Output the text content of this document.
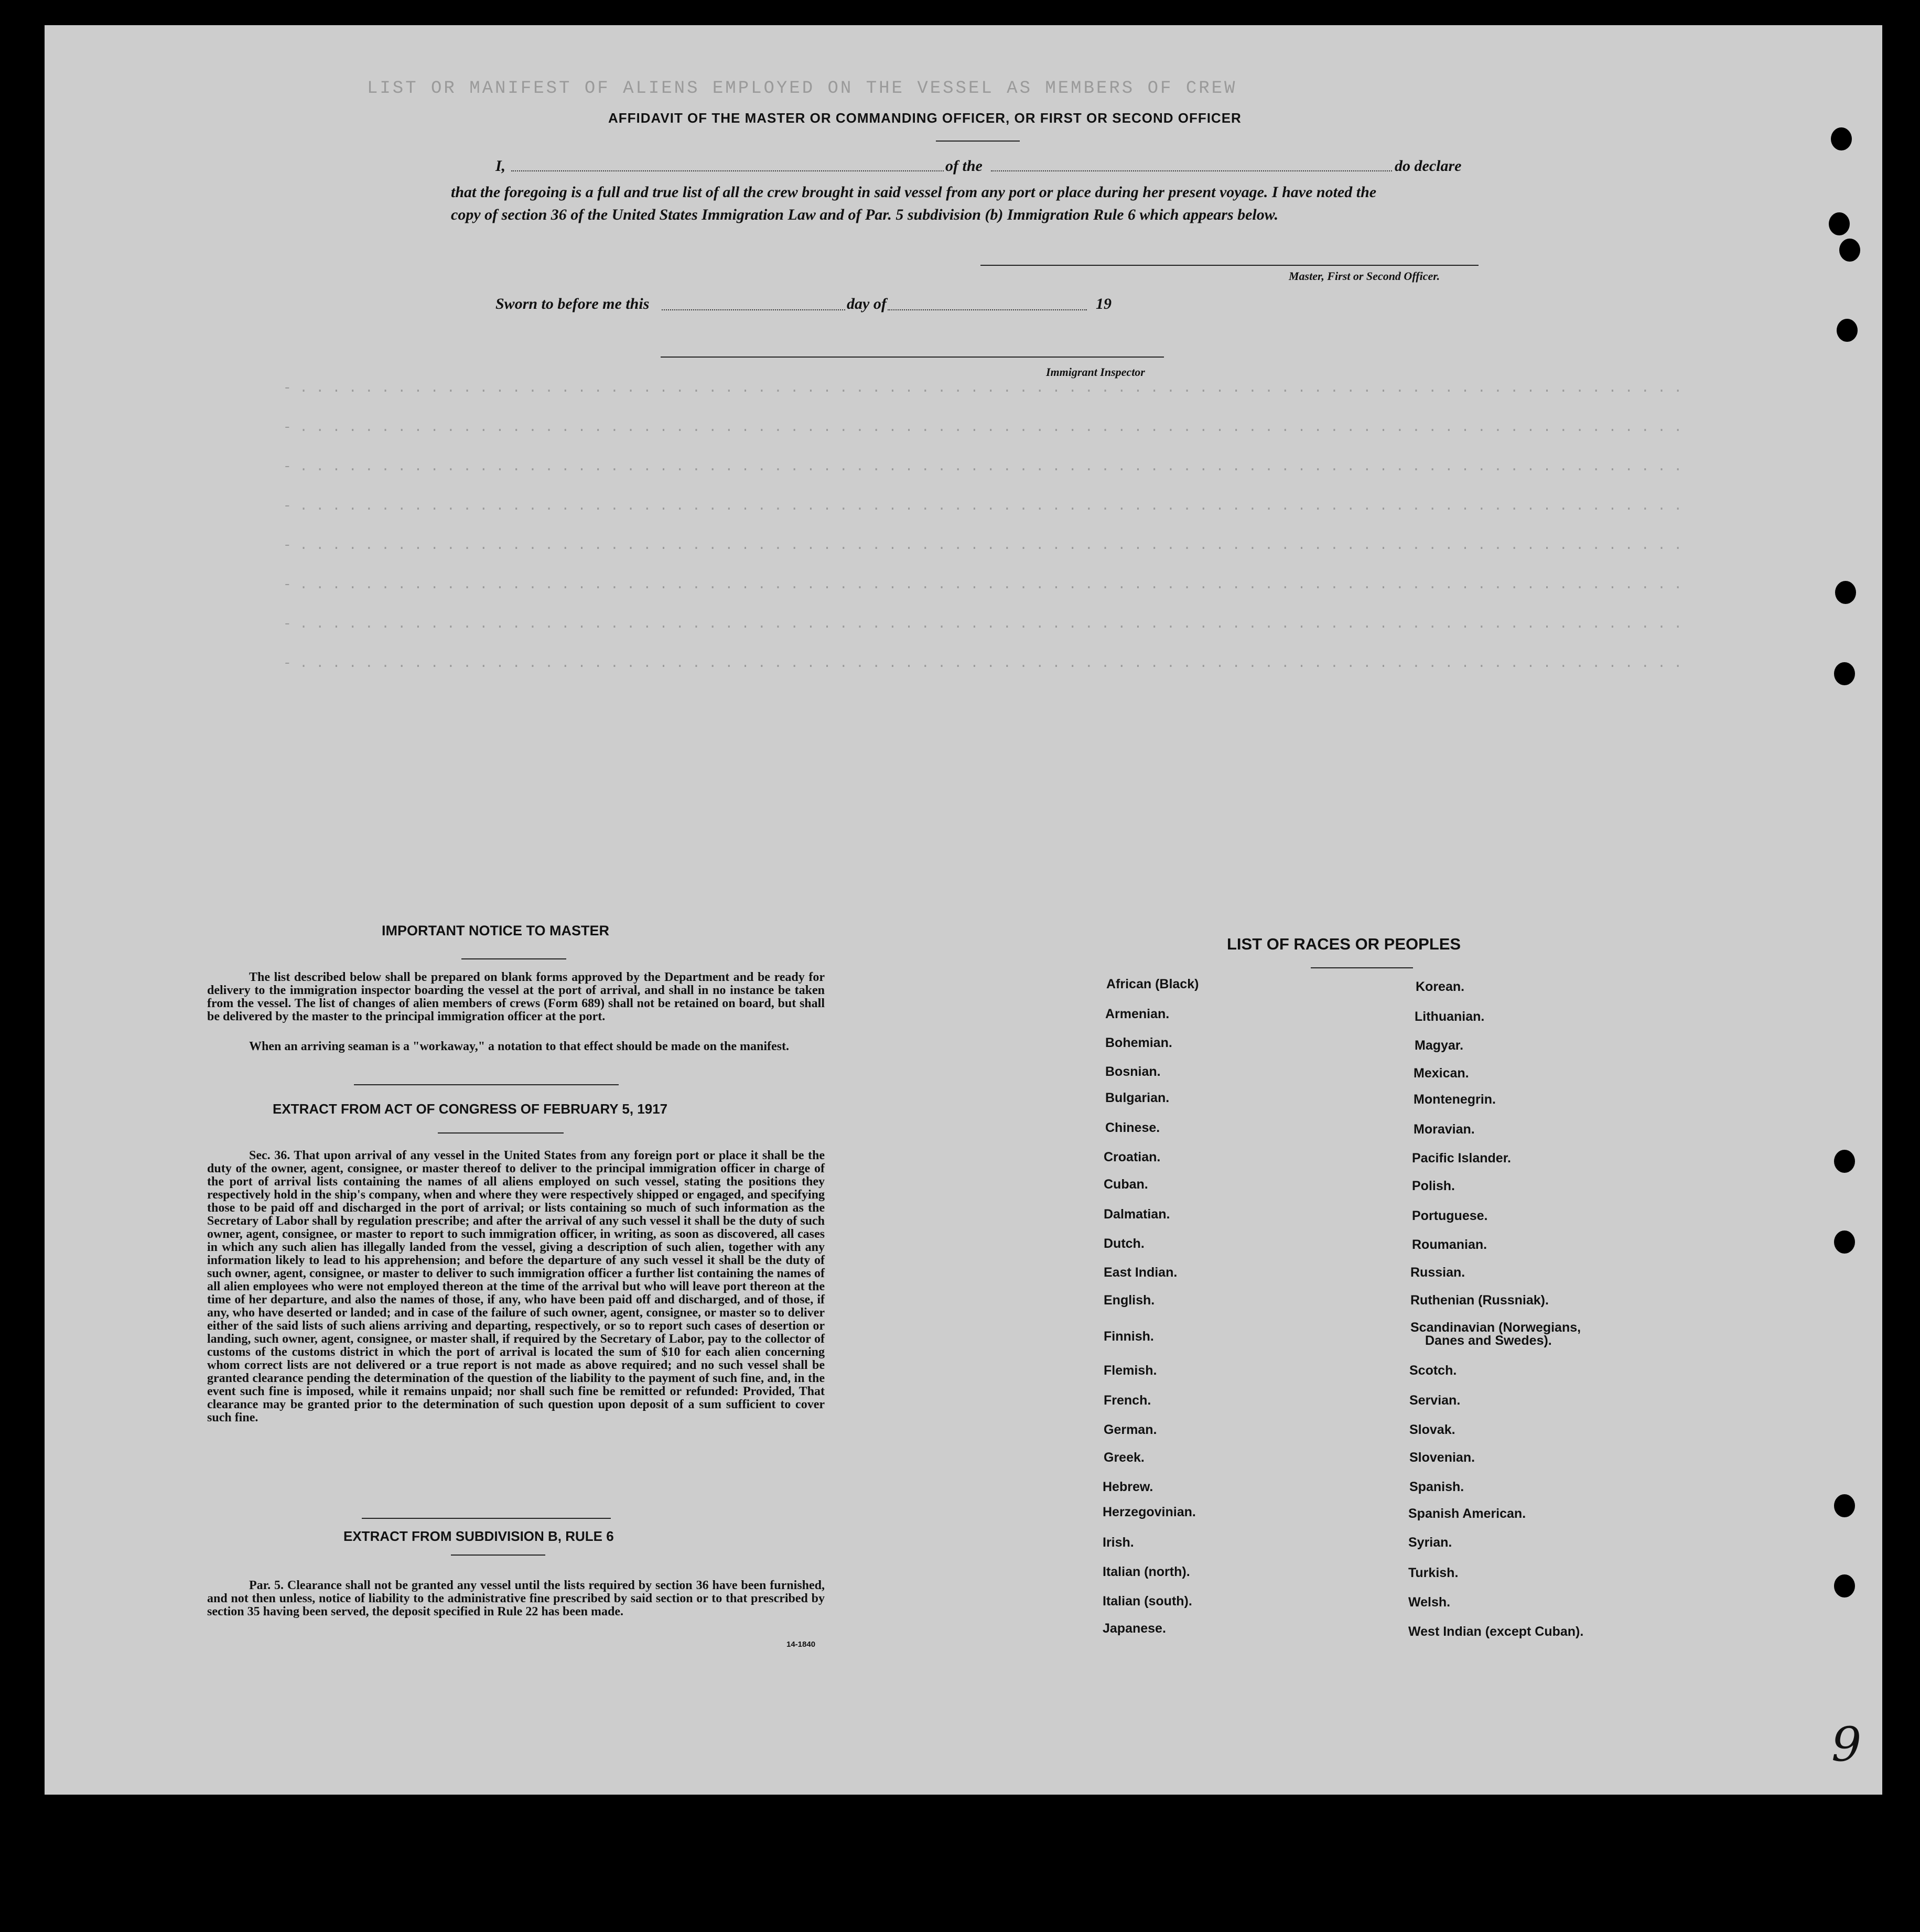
LIST OR MANIFEST OF ALIENS EMPLOYED ON THE VESSEL AS MEMBERS OF CREW
AFFIDAVIT OF THE MASTER OR COMMANDING OFFICER, OR FIRST OR SECOND OFFICER
I,	of the	do declare
that the foregoing is a full and true list of all the crew brought in said vessel from any port or place during her present voyage. I have noted the
copy of section 36 of the United States Immigration Law and of Par. 5 subdivision (b) Immigration Rule 6 which appears below.
Master, First or Second Officer.
Sworn to before me this	day of	19
Immigrant Inspector
- . . . . . . . . . . . . . . . . . . . . . . . . . . . . . . . . . . . . . . . . . . . . . . . . . . . . . . . . . . . . . . . . . . . . . . . . . . . . . . . . . . . . .
- . . . . . . . . . . . . . . . . . . . . . . . . . . . . . . . . . . . . . . . . . . . . . . . . . . . . . . . . . . . . . . . . . . . . . . . . . . . . . . . . . . . . .
- . . . . . . . . . . . . . . . . . . . . . . . . . . . . . . . . . . . . . . . . . . . . . . . . . . . . . . . . . . . . . . . . . . . . . . . . . . . . . . . . . . . . .
- . . . . . . . . . . . . . . . . . . . . . . . . . . . . . . . . . . . . . . . . . . . . . . . . . . . . . . . . . . . . . . . . . . . . . . . . . . . . . . . . . . . . .
- . . . . . . . . . . . . . . . . . . . . . . . . . . . . . . . . . . . . . . . . . . . . . . . . . . . . . . . . . . . . . . . . . . . . . . . . . . . . . . . . . . . . .
- . . . . . . . . . . . . . . . . . . . . . . . . . . . . . . . . . . . . . . . . . . . . . . . . . . . . . . . . . . . . . . . . . . . . . . . . . . . . . . . . . . . . .
- . . . . . . . . . . . . . . . . . . . . . . . . . . . . . . . . . . . . . . . . . . . . . . . . . . . . . . . . . . . . . . . . . . . . . . . . . . . . . . . . . . . . .
- . . . . . . . . . . . . . . . . . . . . . . . . . . . . . . . . . . . . . . . . . . . . . . . . . . . . . . . . . . . . . . . . . . . . . . . . . . . . . . . . . . . . .
IMPORTANT NOTICE TO MASTER
The list described below shall be prepared on blank forms approved by the Department and be ready for delivery to the immigration inspector boarding the vessel at the port of arrival, and shall in no instance be taken from the vessel. The list of changes of alien members of crews (Form 689) shall not be retained on board, but shall be delivered by the master to the principal immigration officer at the port.
When an arriving seaman is a "workaway," a notation to that effect should be made on the manifest.
EXTRACT FROM ACT OF CONGRESS OF FEBRUARY 5, 1917
Sec. 36. That upon arrival of any vessel in the United States from any foreign port or place it shall be the duty of the owner, agent, consignee, or master thereof to deliver to the principal immigration officer in charge of the port of arrival lists containing the names of all aliens employed on such vessel, stating the positions they respectively hold in the ship's company, when and where they were respectively shipped or engaged, and specifying those to be paid off and discharged in the port of arrival; or lists containing so much of such information as the Secretary of Labor shall by regulation prescribe; and after the arrival of any such vessel it shall be the duty of such owner, agent, consignee, or master to report to such immigration officer, in writing, as soon as discovered, all cases in which any such alien has illegally landed from the vessel, giving a description of such alien, together with any information likely to lead to his apprehension; and before the departure of any such vessel it shall be the duty of such owner, agent, consignee, or master to deliver to such immigration officer a further list containing the names of all alien employees who were not employed thereon at the time of the arrival but who will leave port thereon at the time of her departure, and also the names of those, if any, who have been paid off and discharged, and of those, if any, who have deserted or landed; and in case of the failure of such owner, agent, consignee, or master so to deliver either of the said lists of such aliens arriving and departing, respectively, or so to report such cases of desertion or landing, such owner, agent, consignee, or master shall, if required by the Secretary of Labor, pay to the collector of customs of the customs district in which the port of arrival is located the sum of $10 for each alien concerning whom correct lists are not delivered or a true report is not made as above required; and no such vessel shall be granted clearance pending the determination of the question of the liability to the payment of such fine, and, in the event such fine is imposed, while it remains unpaid; nor shall such fine be remitted or refunded: Provided, That clearance may be granted prior to the determination of such question upon deposit of a sum sufficient to cover such fine.
EXTRACT FROM SUBDIVISION B, RULE 6
Par. 5. Clearance shall not be granted any vessel until the lists required by section 36 have been furnished, and not then unless, notice of liability to the administrative fine prescribed by said section or to that prescribed by section 35 having been served, the deposit specified in Rule 22 has been made.
14-1840
LIST OF RACES OR PEOPLES
African (Black)
Armenian.
Bohemian.
Bosnian.
Bulgarian.
Chinese.
Croatian.
Cuban.
Dalmatian.
Dutch.
East Indian.
English.
Finnish.
Flemish.
French.
German.
Greek.
Hebrew.
Herzegovinian.
Irish.
Italian (north).
Italian (south).
Japanese.
Korean.
Lithuanian.
Magyar.
Mexican.
Montenegrin.
Moravian.
Pacific Islander.
Polish.
Portuguese.
Roumanian.
Russian.
Ruthenian (Russniak).
Scandinavian (Norwegians,
Danes and Swedes).
Scotch.
Servian.
Slovak.
Slovenian.
Spanish.
Spanish American.
Syrian.
Turkish.
Welsh.
West Indian (except Cuban).
9
